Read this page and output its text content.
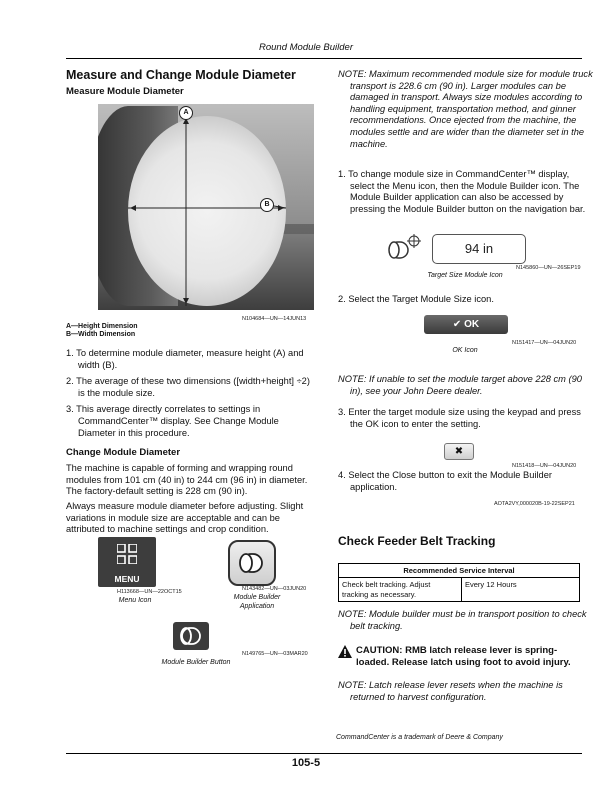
Round Module Builder
Measure and Change Module Diameter
Measure Module Diameter
A
B
N104684—UN—14JUN13
A—Height Dimension
B—Width Dimension

1. To determine module diameter, measure height (A) and width (B).

2. The average of these two dimensions ([width+height] ÷2) is the module size.

3. This average directly correlates to settings in CommandCenter™ display. See Change Module Diameter in this procedure.

Change Module Diameter

The machine is capable of forming and wrapping round modules from 101 cm (40 in) to 244 cm (96 in) in diameter. The factory-default setting is 228 cm (90 in).

Always measure module diameter before adjusting. Slight variations in module size are acceptable and can be attributed to machine settings and crop condition.

MENU
H113668—UN—22OCT15
Menu Icon
N143482—UN—03JUN20
Module Builder Application
N149765—UN—03MAR20
Module Builder Button

NOTE: Maximum recommended module size for module truck transport is 228.6 cm (90 in). Larger modules can be damaged in transport. Always size modules according to handling equipment, transportation method, and ginner recommendations. Once ejected from the machine, the modules settle and are wider than the diameter set in the machine.

1. To change module size in CommandCenter™ display, select the Menu icon, then the Module Builder icon. The Module Builder application can also be accessed by pressing the Module Builder button on the navigation bar.

94 in
N145860—UN—26SEP19
Target Size Module Icon

2. Select the Target Module Size icon.

✔ OK
N151417—UN—04JUN20
OK Icon

NOTE: If unable to set the module target above 228 cm (90 in), see your John Deere dealer.

3. Enter the target module size using the keypad and press the OK icon to enter the setting.

✖
N151418—UN—04JUN20

4. Select the Close button to exit the Module Builder application.

AOTA2VY,000020B-19-22SEP21
Check Feeder Belt Tracking
Recommended Service Interval
Check belt tracking. Adjust tracking as necessary.	Every 12 Hours

NOTE: Module builder must be in transport position to check belt tracking.

CAUTION: RMB latch release lever is spring-loaded. Release latch using foot to avoid injury.

NOTE: Latch release lever resets when the machine is returned to harvest configuration.

CommandCenter is a trademark of Deere & Company
105-5
